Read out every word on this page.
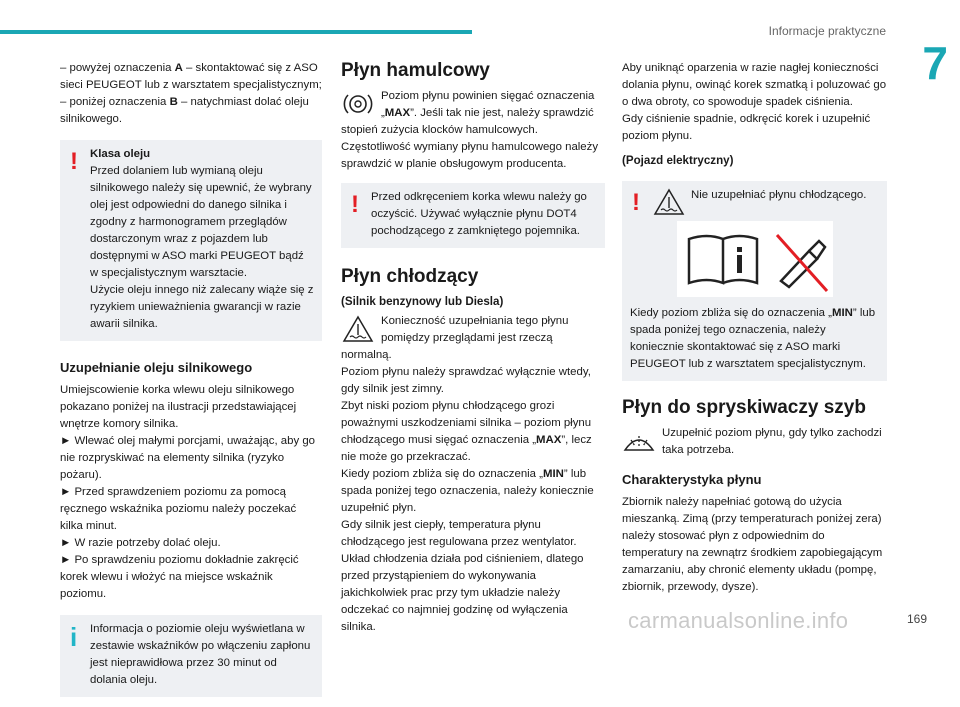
Informacje praktyczne
7

– powyżej oznaczenia A – skontaktować się z ASO sieci PEUGEOT lub z warsztatem specjalistycznym;

– poniżej oznaczenia B – natychmiast dolać oleju silnikowego.

!	Klasa oleju

Przed dolaniem lub wymianą oleju silnikowego należy się upewnić, że wybrany olej jest odpowiedni do danego silnika i zgodny z harmonogramem przeglądów dostarczonym wraz z pojazdem lub dostępnymi w ASO marki PEUGEOT bądź w specjalistycznym warsztacie.

Użycie oleju innego niż zalecany wiąże się z ryzykiem unieważnienia gwarancji w razie awarii silnika.

Uzupełnianie oleju silnikowego

Umiejscowienie korka wlewu oleju silnikowego pokazano poniżej na ilustracji przedstawiającej wnętrze komory silnika.

► Wlewać olej małymi porcjami, uważając, aby go nie rozpryskiwać na elementy silnika (ryzyko pożaru).

► Przed sprawdzeniem poziomu za pomocą ręcznego wskaźnika poziomu należy poczekać kilka minut.

► W razie potrzeby dolać oleju.

► Po sprawdzeniu poziomu dokładnie zakręcić korek wlewu i włożyć na miejsce wskaźnik poziomu.

i	Informacja o poziomie oleju wyświetlana w zestawie wskaźników po włączeniu zapłonu jest nieprawidłowa przez 30 minut od dolania oleju.

Płyn hamulcowy

Poziom płynu powinien sięgać oznaczenia „MAX”. Jeśli tak nie jest, należy sprawdzić stopień zużycia klocków hamulcowych.

Częstotliwość wymiany płynu hamulcowego należy sprawdzić w planie obsługowym producenta.

!	Przed odkręceniem korka wlewu należy go oczyścić. Używać wyłącznie płynu DOT4 pochodzącego z zamkniętego pojemnika.

Płyn chłodzący
(Silnik benzynowy lub Diesla)

Konieczność uzupełniania tego płynu pomiędzy przeglądami jest rzeczą normalną.

Poziom płynu należy sprawdzać wyłącznie wtedy, gdy silnik jest zimny.

Zbyt niski poziom płynu chłodzącego grozi poważnymi uszkodzeniami silnika – poziom płynu chłodzącego musi sięgać oznaczenia „MAX”, lecz nie może go przekraczać.

Kiedy poziom zbliża się do oznaczenia „MIN” lub spada poniżej tego oznaczenia, należy koniecznie uzupełnić płyn.

Gdy silnik jest ciepły, temperatura płynu chłodzącego jest regulowana przez wentylator.

Układ chłodzenia działa pod ciśnieniem, dlatego przed przystąpieniem do wykonywania jakichkolwiek prac przy tym układzie należy odczekać co najmniej godzinę od wyłączenia silnika.

Aby uniknąć oparzenia w razie nagłej konieczności dolania płynu, owinąć korek szmatką i poluzować go o dwa obroty, co spowoduje spadek ciśnienia.

Gdy ciśnienie spadnie, odkręcić korek i uzupełnić poziom płynu.

(Pojazd elektryczny)
!	Nie uzupełniać płynu chłodzącego.

Kiedy poziom zbliża się do oznaczenia „MIN” lub spada poniżej tego oznaczenia, należy koniecznie skontaktować się z ASO marki PEUGEOT lub z warsztatem specjalistycznym.

Płyn do spryskiwaczy szyb

Uzupełnić poziom płynu, gdy tylko zachodzi taka potrzeba.

Charakterystyka płynu

Zbiornik należy napełniać gotową do użycia mieszanką. Zimą (przy temperaturach poniżej zera) należy stosować płyn z odpowiednim do temperatury na zewnątrz środkiem zapobiegającym zamarzaniu, aby chronić elementy układu (pompę, zbiornik, przewody, dysze).

169
carmanualsonline.info
